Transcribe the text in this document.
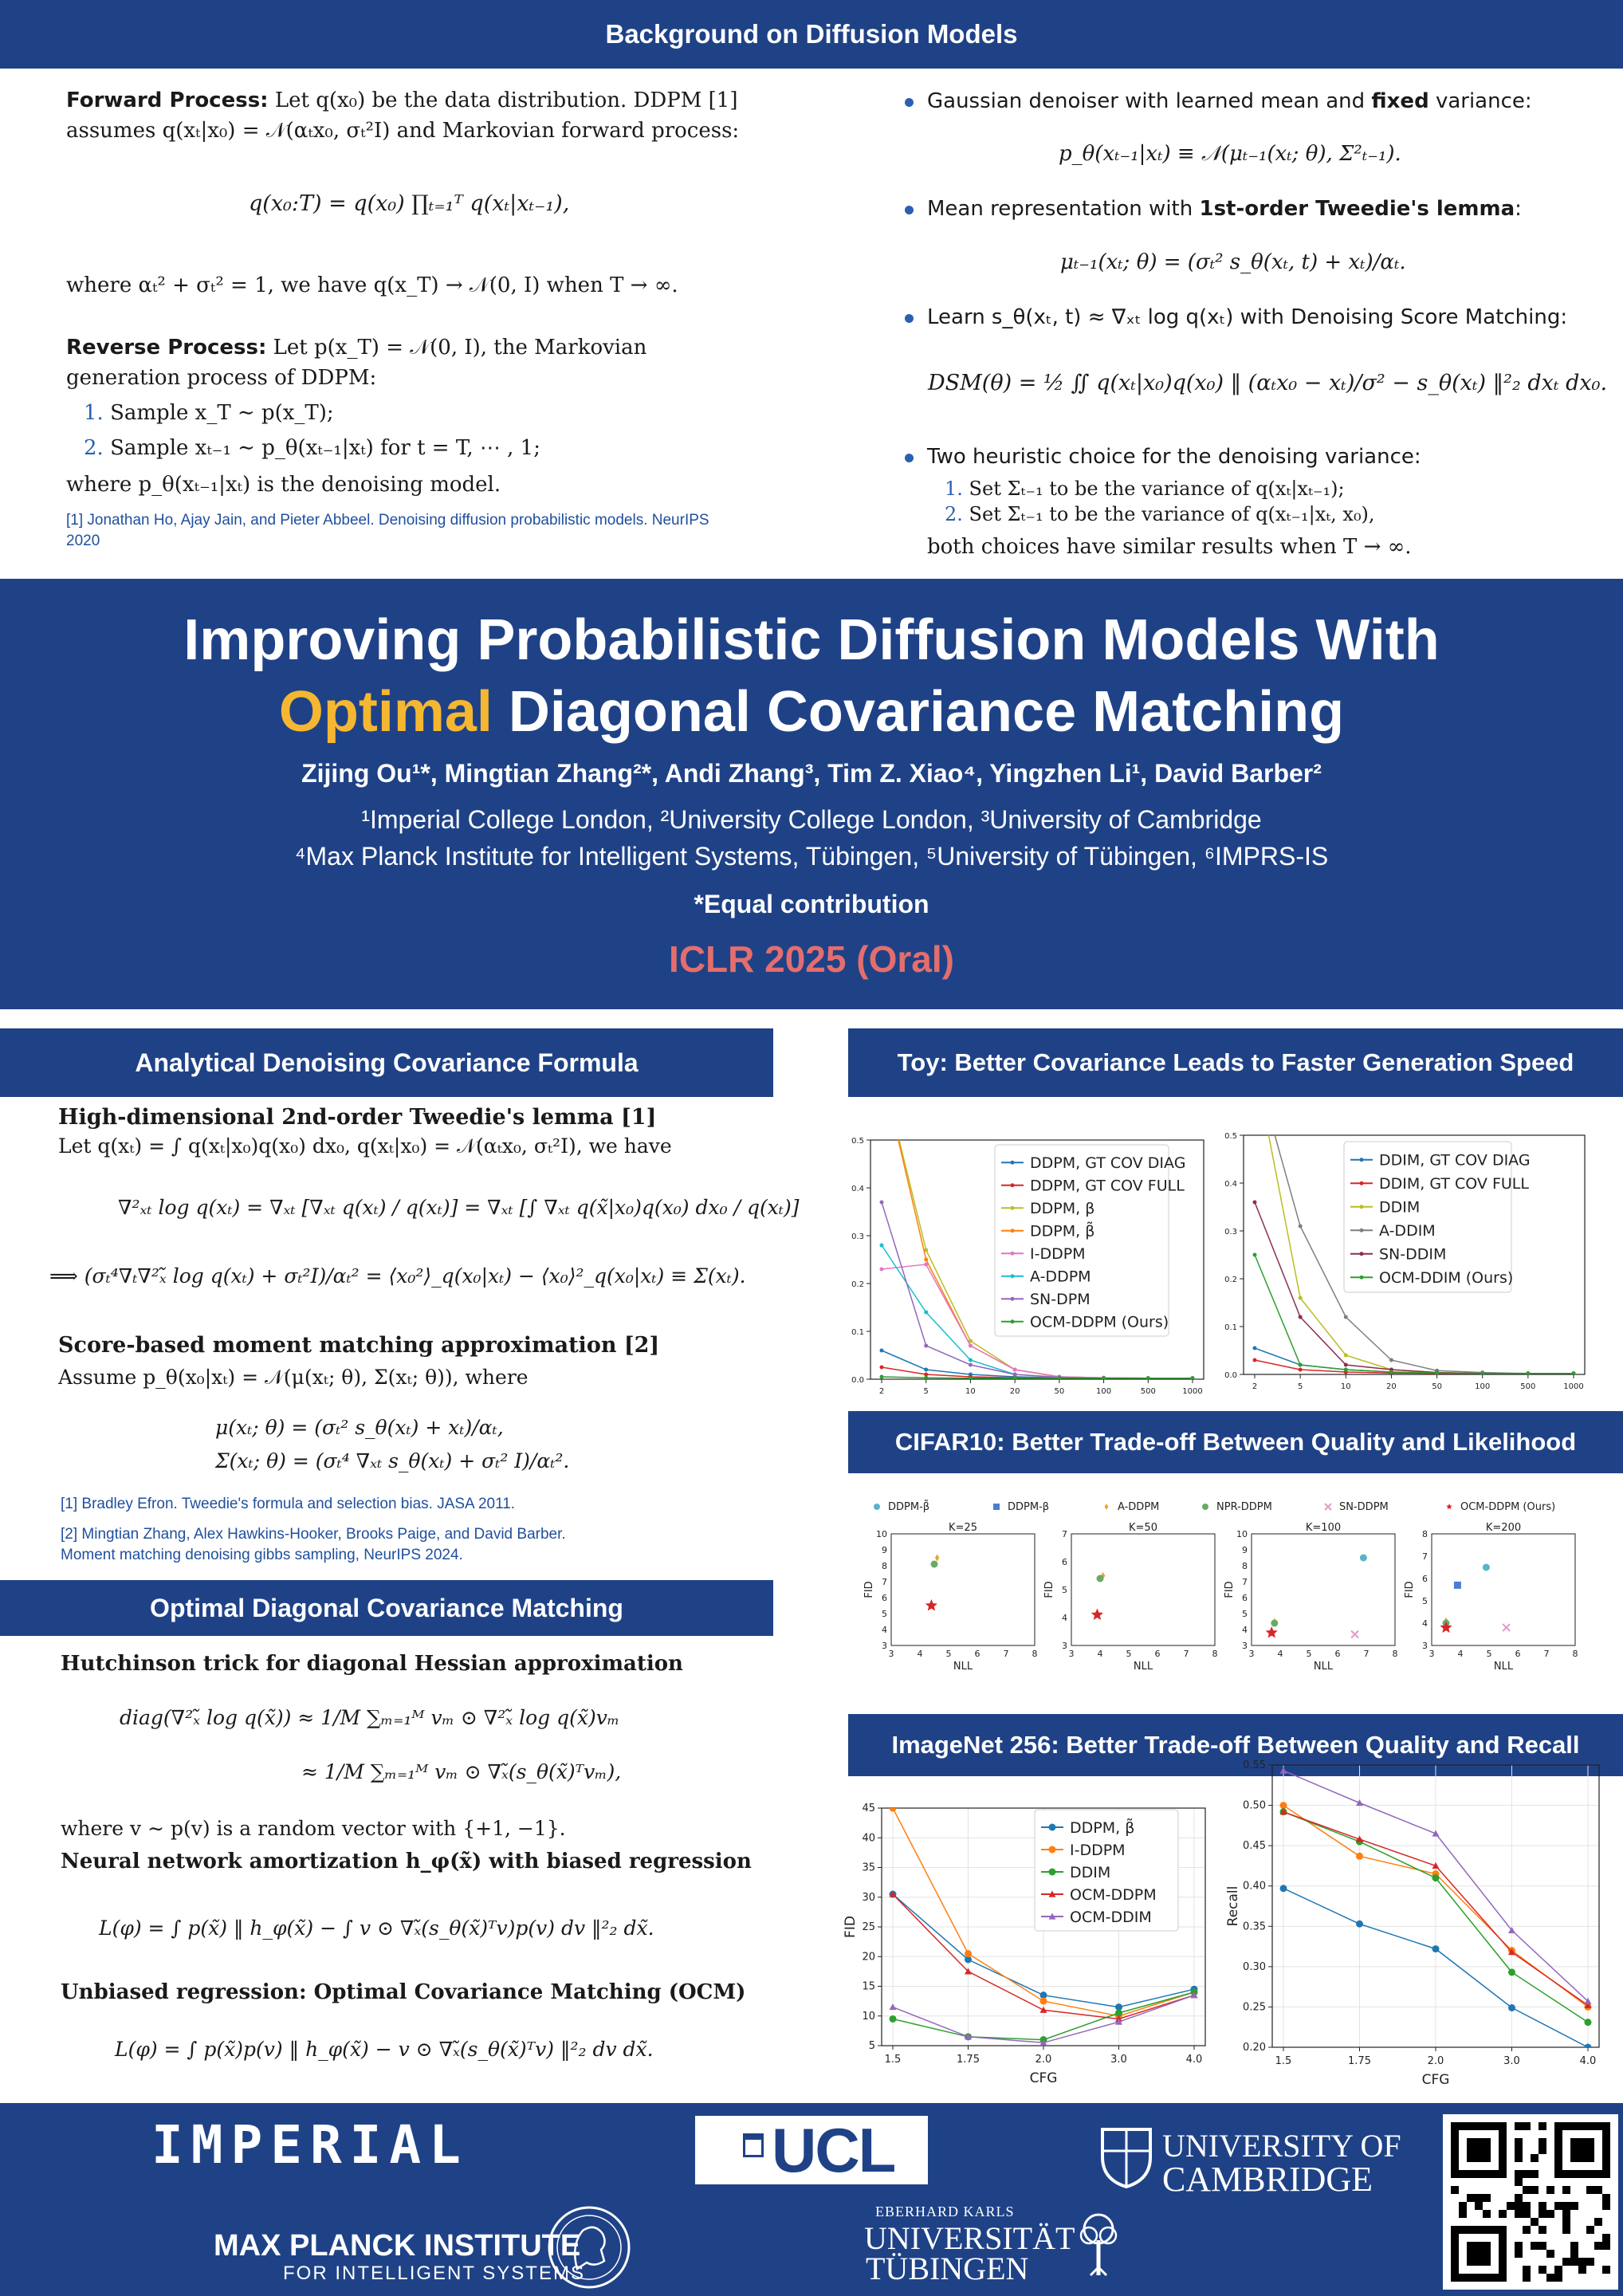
Background on Diffusion Models
Forward Process: Let q(x₀) be the data distribution. DDPM [1] assumes q(xₜ|x₀) = 𝒩(αₜx₀, σₜ²I) and Markovian forward process:
q(x₀:T) = q(x₀) ∏ₜ₌₁ᵀ q(xₜ|xₜ₋₁),
where αₜ² + σₜ² = 1, we have q(x_T) → 𝒩(0, I) when T → ∞.
Reverse Process: Let p(x_T) = 𝒩(0, I), the Markovian generation process of DDPM:
1. Sample x_T ∼ p(x_T);
2. Sample xₜ₋₁ ∼ p_θ(xₜ₋₁|xₜ) for t = T, ⋯ , 1;
where p_θ(xₜ₋₁|xₜ) is the denoising model.
[1] Jonathan Ho, Ajay Jain, and Pieter Abbeel. Denoising diffusion probabilistic models. NeurIPS 2020
Gaussian denoiser with learned mean and fixed variance:
p_θ(xₜ₋₁|xₜ) ≡ 𝒩(μₜ₋₁(xₜ; θ), Σ²ₜ₋₁).
Mean representation with 1st-order Tweedie's lemma:
μₜ₋₁(xₜ; θ) = (σₜ² s_θ(xₜ, t) + xₜ)/αₜ.
Learn s_θ(xₜ, t) ≈ ∇ₓₜ log q(xₜ) with Denoising Score Matching:
DSM(θ) = ½ ∬ q(xₜ|x₀)q(x₀) ‖ (αₜx₀ − xₜ)/σ² − s_θ(xₜ) ‖²₂ dxₜ dx₀.
Two heuristic choice for the denoising variance:
1. Set Σₜ₋₁ to be the variance of q(xₜ|xₜ₋₁);
2. Set Σₜ₋₁ to be the variance of q(xₜ₋₁|xₜ, x₀),
both choices have similar results when T → ∞.
Improving Probabilistic Diffusion Models With
Optimal Diagonal Covariance Matching
Zijing Ou¹*, Mingtian Zhang²*, Andi Zhang³, Tim Z. Xiao⁴, Yingzhen Li¹, David Barber²
¹Imperial College London, ²University College London, ³University of Cambridge
⁴Max Planck Institute for Intelligent Systems, Tübingen, ⁵University of Tübingen, ⁶IMPRS-IS
*Equal contribution
ICLR 2025 (Oral)
Analytical Denoising Covariance Formula
High-dimensional 2nd-order Tweedie's lemma [1]
Let q(xₜ) = ∫ q(xₜ|x₀)q(x₀) dx₀, q(xₜ|x₀) = 𝒩(αₜx₀, σₜ²I), we have
∇²ₓₜ log q(xₜ) = ∇ₓₜ [∇ₓₜ q(xₜ) / q(xₜ)] = ∇ₓₜ [∫ ∇ₓₜ q(x̃|x₀)q(x₀) dx₀ / q(xₜ)]
⟹ (σₜ⁴∇ₜ∇²ₓ̃ log q(xₜ) + σₜ²I)/αₜ² = ⟨x₀²⟩_q(x₀|xₜ) − ⟨x₀⟩²_q(x₀|xₜ) ≡ Σ(xₜ).
Score-based moment matching approximation [2]
Assume p_θ(x₀|xₜ) = 𝒩(μ(xₜ; θ), Σ(xₜ; θ)), where
μ(xₜ; θ) = (σₜ² s_θ(xₜ) + xₜ)/αₜ,
Σ(xₜ; θ) = (σₜ⁴ ∇ₓₜ s_θ(xₜ) + σₜ² I)/αₜ².
[1] Bradley Efron. Tweedie's formula and selection bias. JASA 2011.
[2] Mingtian Zhang, Alex Hawkins-Hooker, Brooks Paige, and David Barber. Moment matching denoising gibbs sampling, NeurIPS 2024.
Optimal Diagonal Covariance Matching
Hutchinson trick for diagonal Hessian approximation
diag(∇²ₓ̃ log q(x̃)) ≈ 1/M ∑ₘ₌₁ᴹ vₘ ⊙ ∇²ₓ̃ log q(x̃)vₘ
≈ 1/M ∑ₘ₌₁ᴹ vₘ ⊙ ∇ₓ̃(s_θ(x̃)ᵀvₘ),
where v ∼ p(v) is a random vector with {+1, −1}.
Neural network amortization h_φ(x̃) with biased regression
L(φ) = ∫ p(x̃) ‖ h_φ(x̃) − ∫ v ⊙ ∇ₓ̃(s_θ(x̃)ᵀv)p(v) dv ‖²₂ dx̃.
Unbiased regression: Optimal Covariance Matching (OCM)
L(φ) = ∫ p(x̃)p(v) ‖ h_φ(x̃) − v ⊙ ∇ₓ̃(s_θ(x̃)ᵀv) ‖²₂ dv dx̃.
Toy: Better Covariance Leads to Faster Generation Speed
0.0
0.1
0.2
0.3
0.4
0.5
2	5	10	20	50	100	500	1000
DDPM, GT COV DIAG
DDPM, GT COV FULL
DDPM, β
DDPM, β̃
I-DDPM
A-DDPM
SN-DPM
OCM-DDPM (Ours)
0.0
0.1
0.2
0.3
0.4
0.5
2	5	10	20	50	100	500	1000
DDIM, GT COV DIAG
DDIM, GT COV FULL
DDIM
A-DDIM
SN-DDIM
OCM-DDIM (Ours)
CIFAR10: Better Trade-off Between Quality and Likelihood
DDPM-β̃	DDPM-β	A-DDPM	NPR-DDPM	SN-DDPM	OCM-DDPM (Ours)
K=25
3
4
5
6
7
8
9
10
3	4	5	6	7	8
NLL
FID
K=50
3
4
5
6
7
3	4	5	6	7	8
NLL
FID
K=100
3
4
5
6
7
8
9
10
3	4	5	6	7	8
NLL
FID
K=200
3
4
5
6
7
8
3	4	5	6	7	8
NLL
FID
ImageNet 256: Better Trade-off Between Quality and Recall
5
10
15
20
25
30
35
40
45
1.5	1.75	2.0	3.0	4.0
CFG
FID
DDPM, β̃
I-DDPM
DDIM
OCM-DDPM
OCM-DDIM
0.20
0.25
0.30
0.35
0.40
0.45
0.50
0.55
1.5	1.75	2.0	3.0	4.0
CFG
Recall
IMPERIAL	UCL	UNIVERSITY OF
CAMBRIDGE
MAX PLANCK INSTITUTE
FOR INTELLIGENT SYSTEMS
EBERHARD KARLS
UNIVERSITÄT
TÜBINGEN
